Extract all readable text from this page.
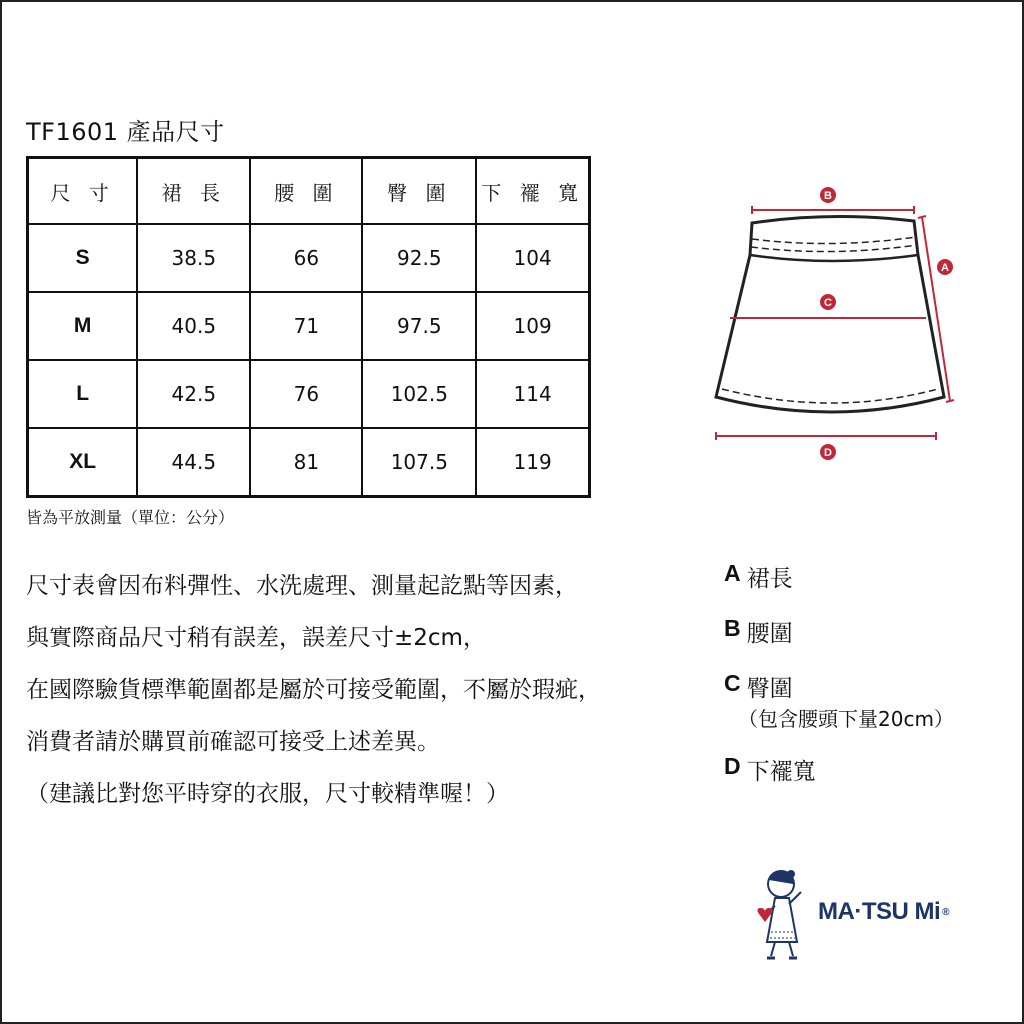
TF1601 產品尺寸
尺 寸	裙 長	腰 圍	臀 圍	下 襬 寬
S	38.5	66	92.5	104
M	40.5	71	97.5	109
L	42.5	76	102.5	114
XL	44.5	81	107.5	119
皆為平放測量（單位：公分）
尺寸表會因布料彈性、水洗處理、測量起訖點等因素，
與實際商品尺寸稍有誤差，誤差尺寸±2cm，
在國際驗貨標準範圍都是屬於可接受範圍，不屬於瑕疵，
消費者請於購買前確認可接受上述差異。
（建議比對您平時穿的衣服，尺寸較精準喔！）
A 裙長
B 腰圍
C 臀圍
（包含腰頭下量20cm）
D 下襬寬
B
A
C
D
MA·TSU Mi ®
